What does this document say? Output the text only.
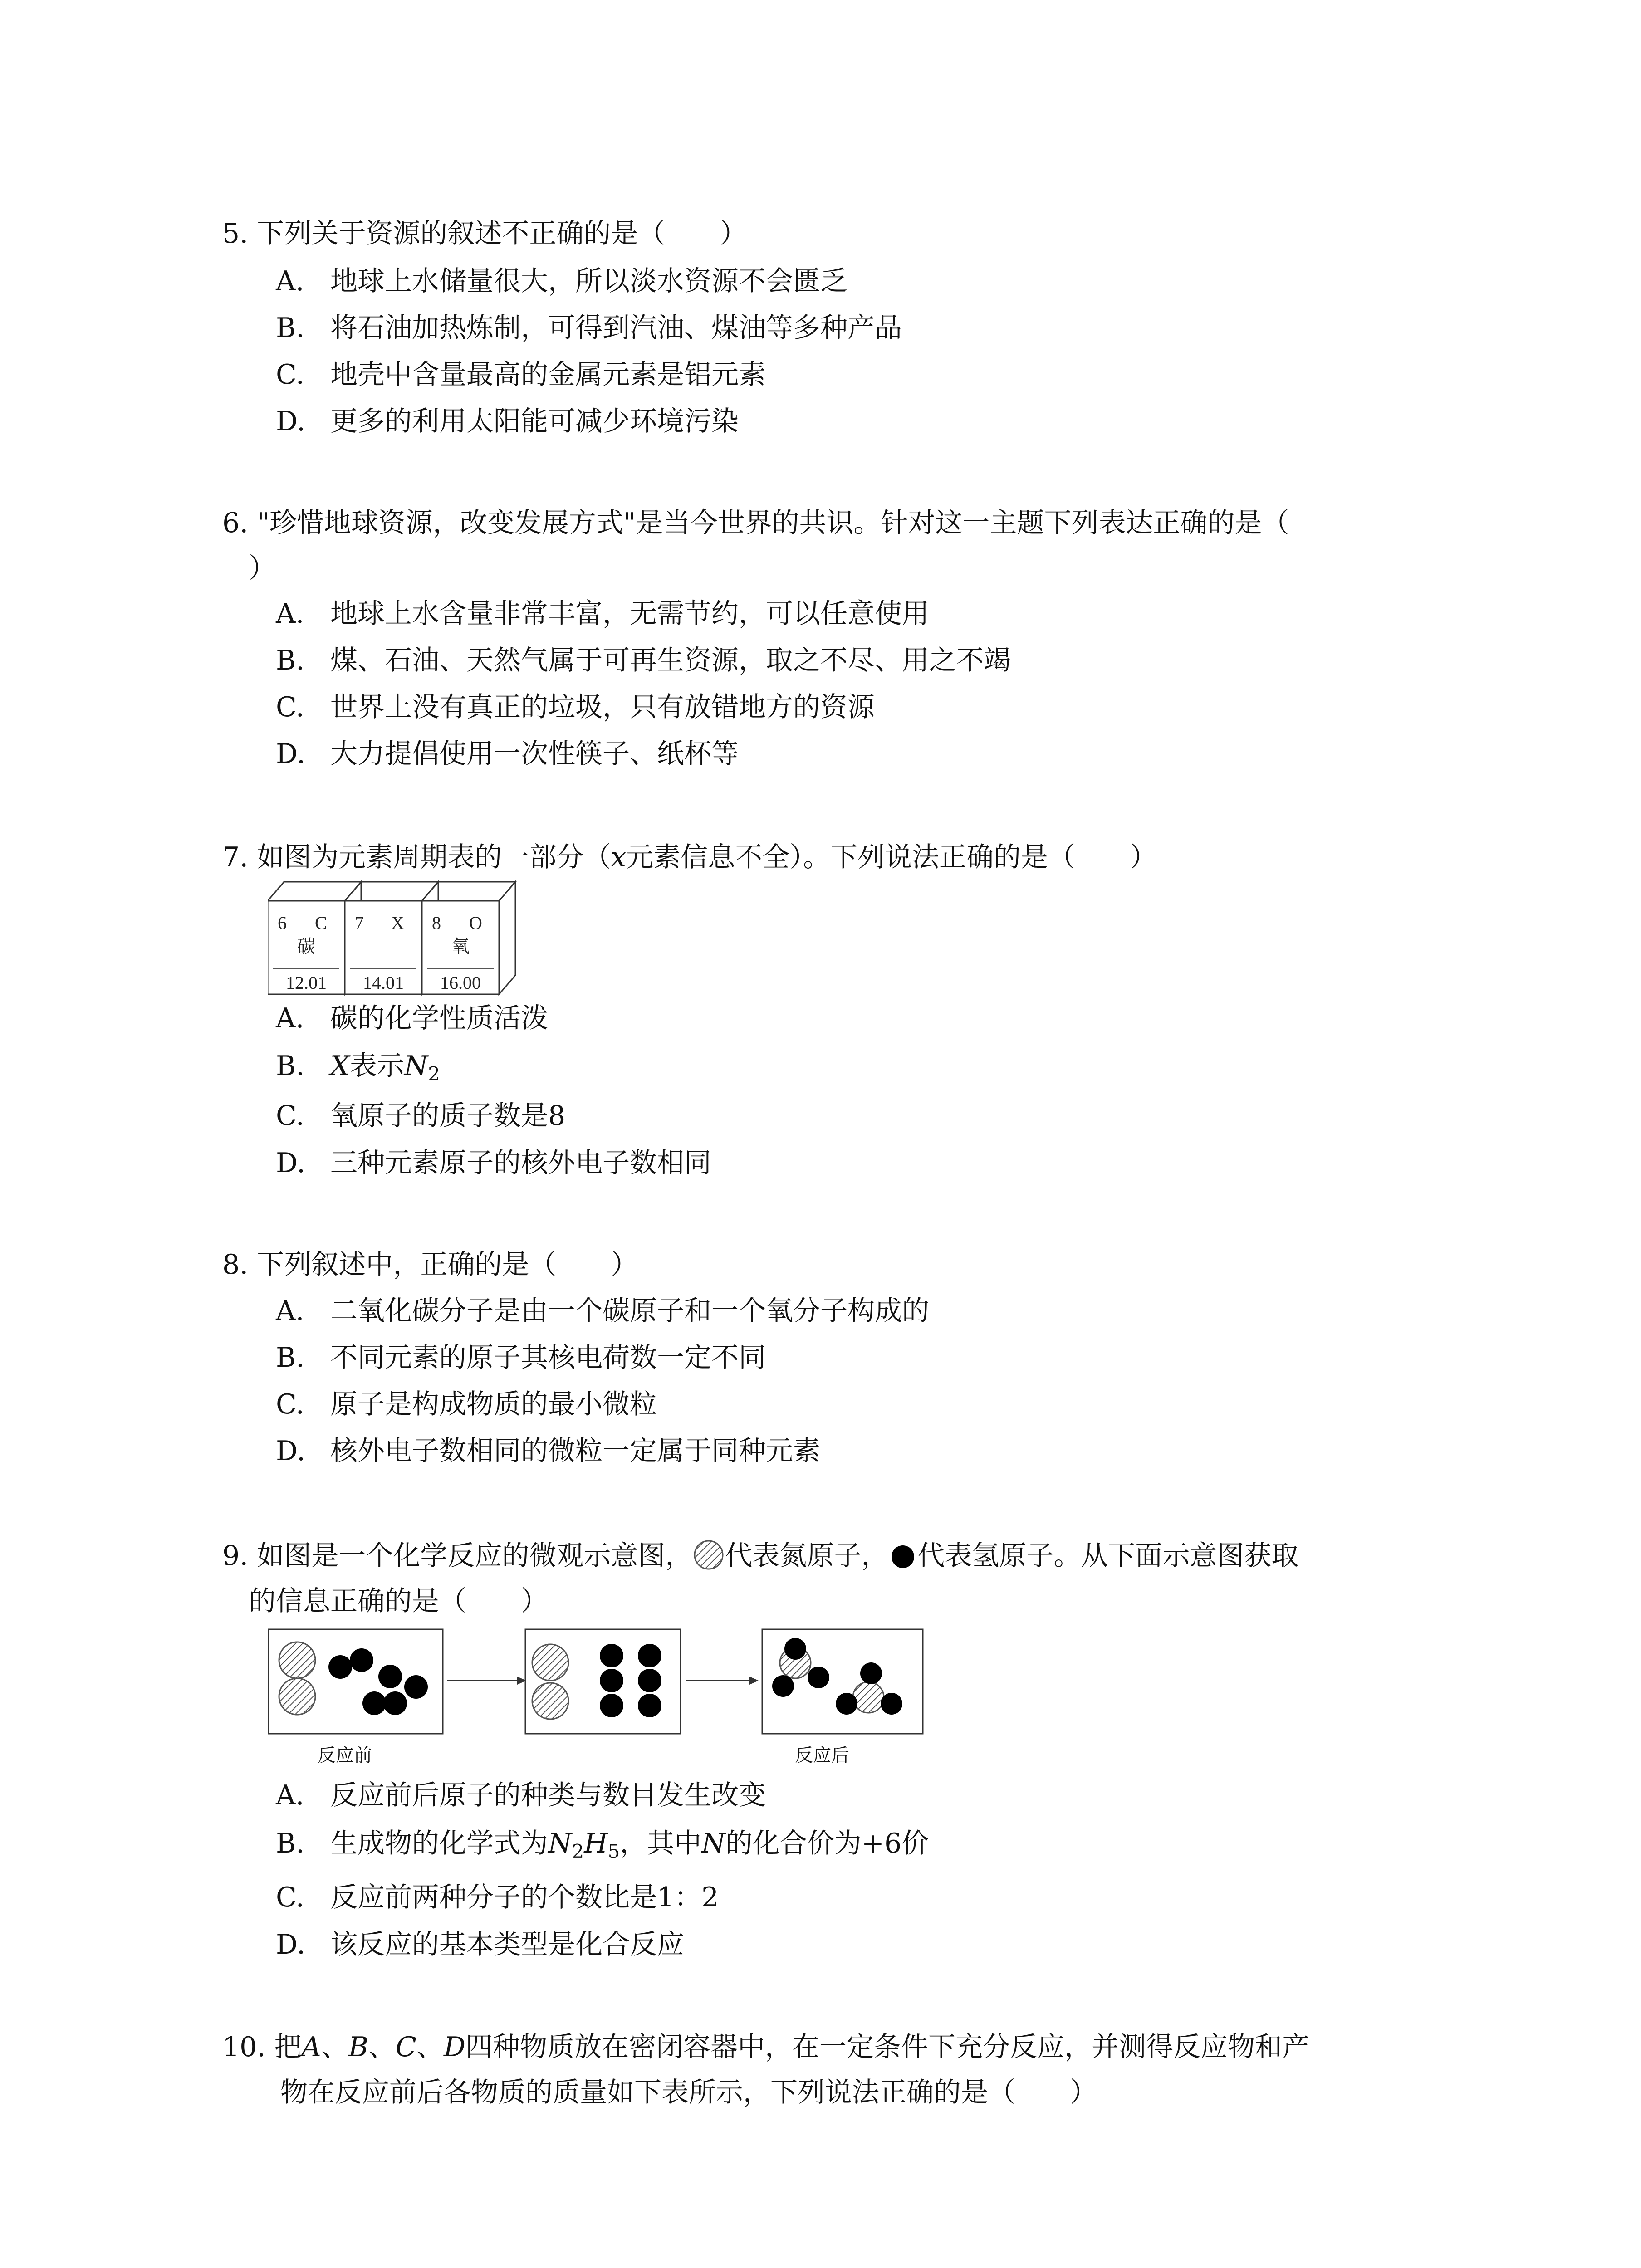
5. 下列关于资源的叙述不正确的是（　　）
A. 地球上水储量很大，所以淡水资源不会匮乏
B. 将石油加热炼制，可得到汽油、煤油等多种产品
C. 地壳中含量最高的金属元素是铝元素
D. 更多的利用太阳能可减少环境污染
6. "珍惜地球资源，改变发展方式"是当今世界的共识。针对这一主题下列表达正确的是（
）
A. 地球上水含量非常丰富，无需节约，可以任意使用
B. 煤、石油、天然气属于可再生资源，取之不尽、用之不竭
C. 世界上没有真正的垃圾，只有放错地方的资源
D. 大力提倡使用一次性筷子、纸杯等
7. 如图为元素周期表的一部分（x元素信息不全）。下列说法正确的是（　　）
6 C
碳
12.01
7 X
14.01
8 O
氧
16.00
A. 碳的化学性质活泼
B. X表示$N_2$
C. 氧原子的质子数是8
D. 三种元素原子的核外电子数相同
8. 下列叙述中，正确的是（　　）
A. 二氧化碳分子是由一个碳原子和一个氧分子构成的
B. 不同元素的原子其核电荷数一定不同
C. 原子是构成物质的最小微粒
D. 核外电子数相同的微粒一定属于同种元素
9. 如图是一个化学反应的微观示意图， 代表氮原子， 代表氢原子。从下面示意图获取
的信息正确的是（　　）
反应前	反应后
A. 反应前后原子的种类与数目发生改变
B. 生成物的化学式为$N_2H_5$，其中N的化合价为+6价
C. 反应前两种分子的个数比是1：2
D. 该反应的基本类型是化合反应
10. 把A、B、C、D四种物质放在密闭容器中，在一定条件下充分反应，并测得反应物和产
物在反应前后各物质的质量如下表所示，下列说法正确的是（　　）
